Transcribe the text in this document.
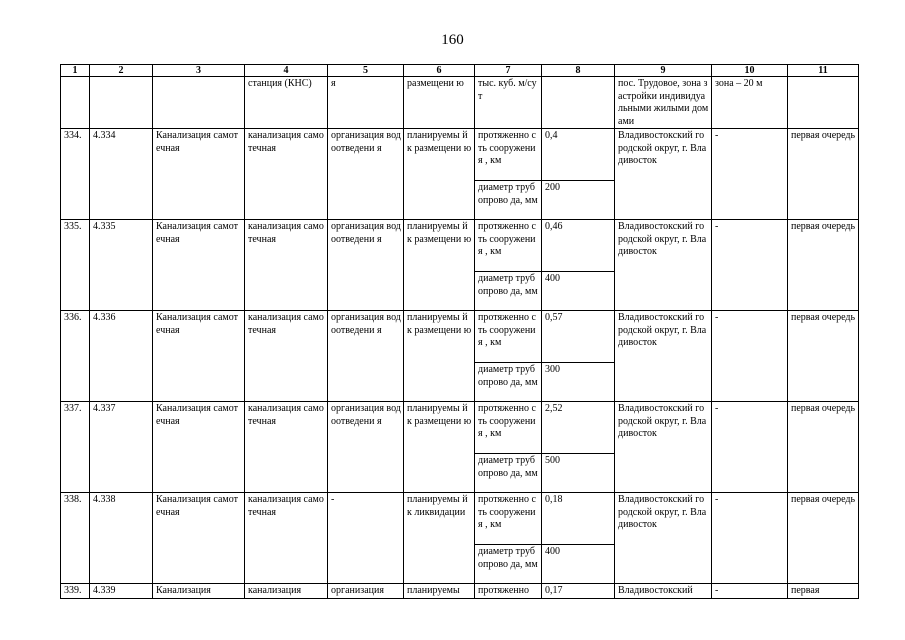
160
1	2	3	4	5	6	7	8	9	10	11
			станция (КНС)	я	размещени ю	тыс. куб. м/сут		пос. Трудовое, зона застройки индивидуальными жилыми домами	зона – 20 м	
334.	4.334	Канализация самотечная	канализация самотечная	организация водоотведени я	планируемы й к размещени ю	протяженно сть сооружения , км	0,4	Владивостокский городской округ, г. Владивосток	-	первая очередь
						диаметр трубопрово да, мм	200			
335.	4.335	Канализация самотечная	канализация самотечная	организация водоотведени я	планируемы й к размещени ю	протяженно сть сооружения , км	0,46	Владивостокский городской округ, г. Владивосток	-	первая очередь
						диаметр трубопрово да, мм	400			
336.	4.336	Канализация самотечная	канализация самотечная	организация водоотведени я	планируемы й к размещени ю	протяженно сть сооружения , км	0,57	Владивостокский городской округ, г. Владивосток	-	первая очередь
						диаметр трубопрово да, мм	300			
337.	4.337	Канализация самотечная	канализация самотечная	организация водоотведени я	планируемы й к размещени ю	протяженно сть сооружения , км	2,52	Владивостокский городской округ, г. Владивосток	-	первая очередь
						диаметр трубопрово да, мм	500			
338.	4.338	Канализация самотечная	канализация самотечная	-	планируемы й к ликвидации	протяженно сть сооружения , км	0,18	Владивостокский городской округ, г. Владивосток	-	первая очередь
						диаметр трубопрово да, мм	400			
339.	4.339	Канализация	канализация	организация	планируемы	протяженно	0,17	Владивостокский	-	первая
